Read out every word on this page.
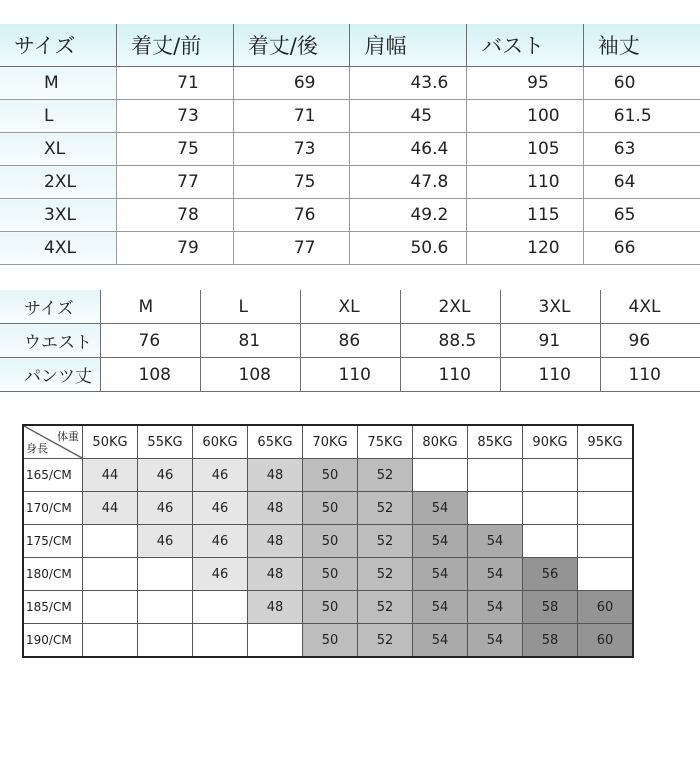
サイズ	着丈/前	着丈/後	肩幅	バスト	袖丈
M	71	69	43.6	95	60
L	73	71	45	100	61.5
XL	75	73	46.4	105	63
2XL	77	75	47.8	110	64
3XL	78	76	49.2	115	65
4XL	79	77	50.6	120	66
サイズ	M	L	XL	2XL	3XL	4XL
ウエスト	76	81	86	88.5	91	96
パンツ丈	108	108	110	110	110	110
体重
身長	50KG	55KG	60KG	65KG	70KG	75KG	80KG	85KG	90KG	95KG
165/CM	44	46	46	48	50	52				
170/CM	44	46	46	48	50	52	54			
175/CM		46	46	48	50	52	54	54		
180/CM			46	48	50	52	54	54	56	
185/CM				48	50	52	54	54	58	60
190/CM					50	52	54	54	58	60
